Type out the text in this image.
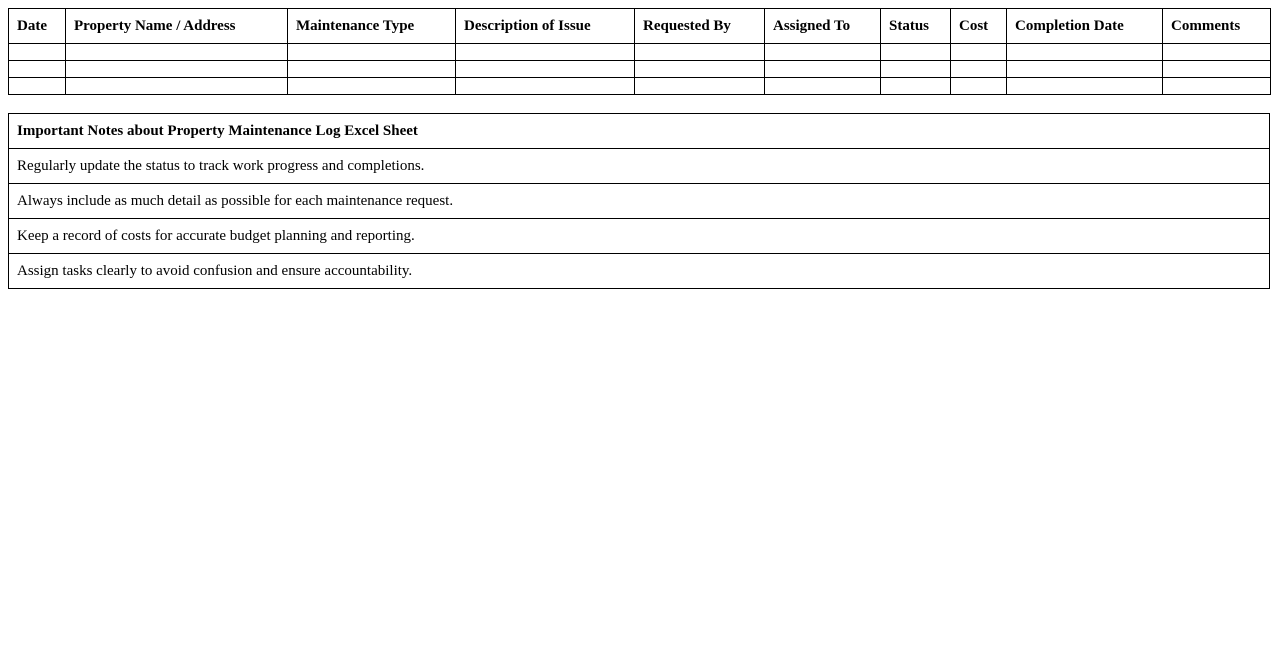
Date	Property Name / Address	Maintenance Type	Description of Issue	Requested By	Assigned To	Status	Cost	Completion Date	Comments

Important Notes about Property Maintenance Log Excel Sheet
Regularly update the status to track work progress and completions.
Always include as much detail as possible for each maintenance request.
Keep a record of costs for accurate budget planning and reporting.
Assign tasks clearly to avoid confusion and ensure accountability.
